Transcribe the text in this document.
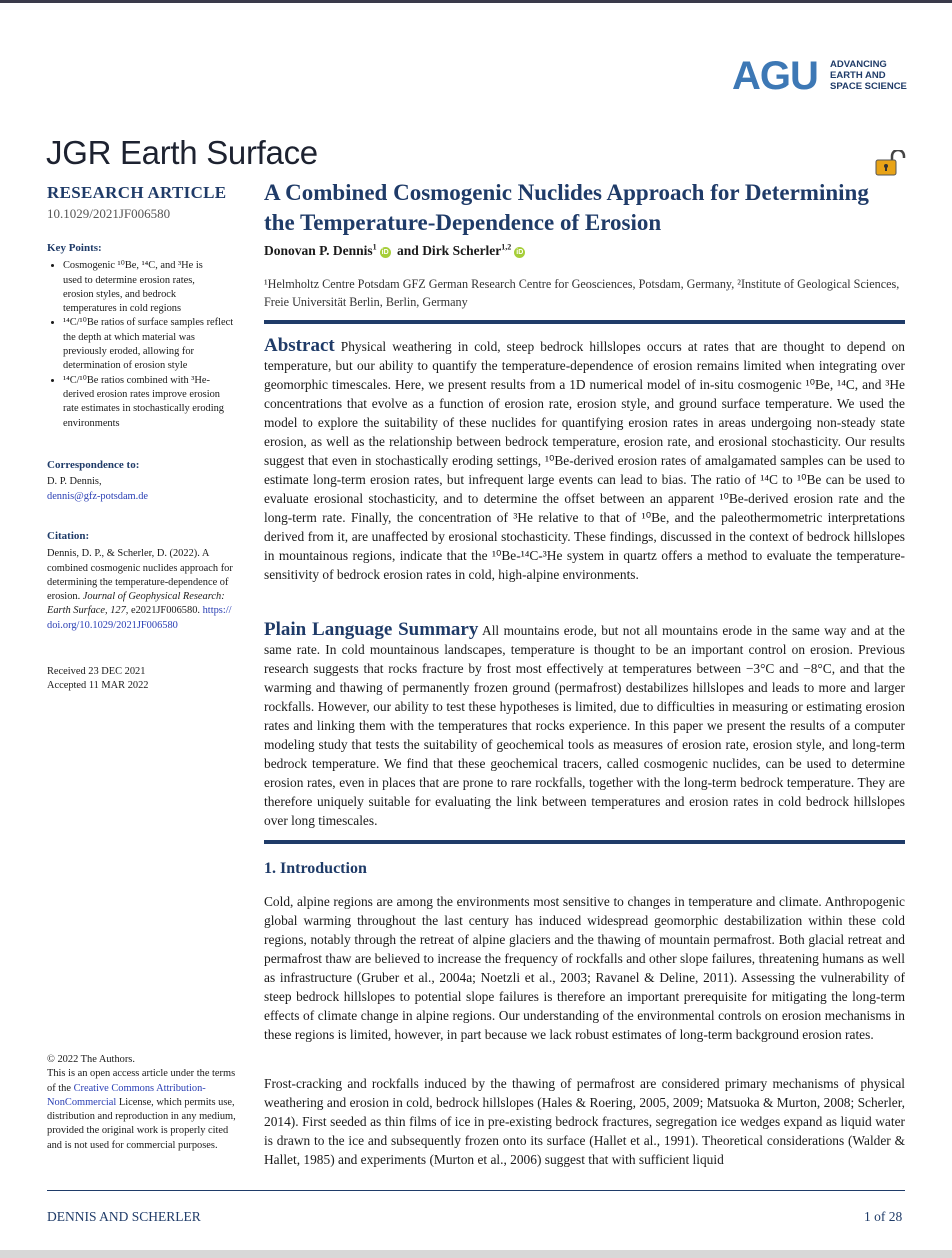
AGU ADVANCING
EARTH AND
SPACE SCIENCE
JGR Earth Surface
RESEARCH ARTICLE
10.1029/2021JF006580
Key Points:
• Cosmogenic ¹⁰Be, ¹⁴C, and ³He is used to determine erosion rates, erosion styles, and bedrock temperatures in cold regions
• ¹⁴C/¹⁰Be ratios of surface samples reflect the depth at which material was previously eroded, allowing for determination of erosion style
• ¹⁴C/¹⁰Be ratios combined with ³He-derived erosion rates improve erosion rate estimates in stochastically eroding environments
Correspondence to:
D. P. Dennis,
dennis@gfz-potsdam.de
Citation:
Dennis, D. P., & Scherler, D. (2022). A combined cosmogenic nuclides approach for determining the temperature-dependence of erosion. Journal of Geophysical Research: Earth Surface, 127, e2021JF006580. https://doi.org/10.1029/2021JF006580
Received 23 DEC 2021
Accepted 11 MAR 2022
© 2022 The Authors.
This is an open access article under the terms of the Creative Commons Attribution-NonCommercial License, which permits use, distribution and reproduction in any medium, provided the original work is properly cited and is not used for commercial purposes.
A Combined Cosmogenic Nuclides Approach for Determining the Temperature-Dependence of Erosion
Donovan P. Dennis$^1$iD and Dirk Scherler$^{1,2}$iD
¹Helmholtz Centre Potsdam GFZ German Research Centre for Geosciences, Potsdam, Germany, ²Institute of Geological Sciences, Freie Universität Berlin, Berlin, Germany
Abstract Physical weathering in cold, steep bedrock hillslopes occurs at rates that are thought to depend on temperature, but our ability to quantify the temperature-dependence of erosion remains limited when integrating over geomorphic timescales. Here, we present results from a 1D numerical model of in-situ cosmogenic ¹⁰Be, ¹⁴C, and ³He concentrations that evolve as a function of erosion rate, erosion style, and ground surface temperature. We used the model to explore the suitability of these nuclides for quantifying erosion rates in areas undergoing non-steady state erosion, as well as the relationship between bedrock temperature, erosion rate, and erosional stochasticity. Our results suggest that even in stochastically eroding settings, ¹⁰Be-derived erosion rates of amalgamated samples can be used to estimate long-term erosion rates, but infrequent large events can lead to bias. The ratio of ¹⁴C to ¹⁰Be can be used to evaluate erosional stochasticity, and to determine the offset between an apparent ¹⁰Be-derived erosion rate and the long-term rate. Finally, the concentration of ³He relative to that of ¹⁰Be, and the paleothermometric interpretations derived from it, are unaffected by erosional stochasticity. These findings, discussed in the context of bedrock hillslopes in mountainous regions, indicate that the ¹⁰Be-¹⁴C-³He system in quartz offers a method to evaluate the temperature-sensitivity of bedrock erosion rates in cold, high-alpine environments.
Plain Language Summary All mountains erode, but not all mountains erode in the same way and at the same rate. In cold mountainous landscapes, temperature is thought to be an important control on erosion. Previous research suggests that rocks fracture by frost most effectively at temperatures between −3°C and −8°C, and that the warming and thawing of permanently frozen ground (permafrost) destabilizes hillslopes and leads to more and larger rockfalls. However, our ability to test these hypotheses is limited, due to difficulties in measuring or estimating erosion rates and linking them with the temperatures that rocks experience. In this paper we present the results of a computer modeling study that tests the suitability of geochemical tools as measures of erosion rate, erosion style, and long-term bedrock temperature. We find that these geochemical tracers, called cosmogenic nuclides, can be used to determine erosion rates, even in places that are prone to rare rockfalls, together with the long-term bedrock temperature. They are therefore uniquely suitable for evaluating the link between temperatures and erosion rates in cold bedrock hillslopes over long timescales.
1. Introduction
Cold, alpine regions are among the environments most sensitive to changes in temperature and climate. Anthropogenic global warming throughout the last century has induced widespread geomorphic destabilization within these cold regions, notably through the retreat of alpine glaciers and the thawing of mountain permafrost. Both glacial retreat and permafrost thaw are believed to increase the frequency of rockfalls and other slope failures, threatening humans as well as infrastructure (Gruber et al., 2004a; Noetzli et al., 2003; Ravanel & Deline, 2011). Assessing the vulnerability of steep bedrock hillslopes to potential slope failures is therefore an important prerequisite for mitigating the long-term effects of climate change in alpine regions. Our understanding of the environmental controls on erosion mechanisms in these regions is limited, however, in part because we lack robust estimates of long-term background erosion rates.
Frost-cracking and rockfalls induced by the thawing of permafrost are considered primary mechanisms of physical weathering and erosion in cold, bedrock hillslopes (Hales & Roering, 2005, 2009; Matsuoka & Murton, 2008; Scherler, 2014). First seeded as thin films of ice in pre-existing bedrock fractures, segregation ice wedges expand as liquid water is drawn to the ice and subsequently frozen onto its surface (Hallet et al., 1991). Theoretical considerations (Walder & Hallet, 1985) and experiments (Murton et al., 2006) suggest that with sufficient liquid
DENNIS AND SCHERLER	1 of 28
